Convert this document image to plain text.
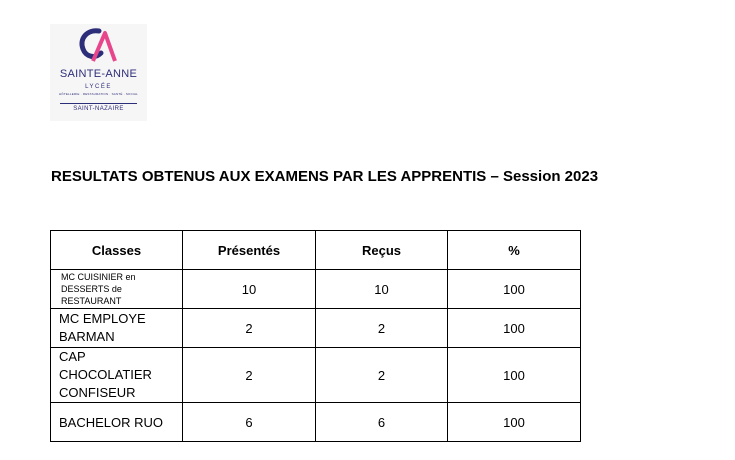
SAINTE-ANNE
LYCÉE
HÔTELLERIE · RESTAURATION · SANTÉ · SOCIAL
SAINT-NAZAIRE
RESULTATS OBTENUS AUX EXAMENS PAR LES APPRENTIS – Session 2023
Classes	Présentés	Reçus	%

MC CUISINIER en
DESSERTS de RESTAURANT	10	10	100

MC EMPLOYE
BARMAN	2	2	100

CAP CHOCOLATIER
CONFISEUR	2	2	100
BACHELOR RUO	6	6	100
